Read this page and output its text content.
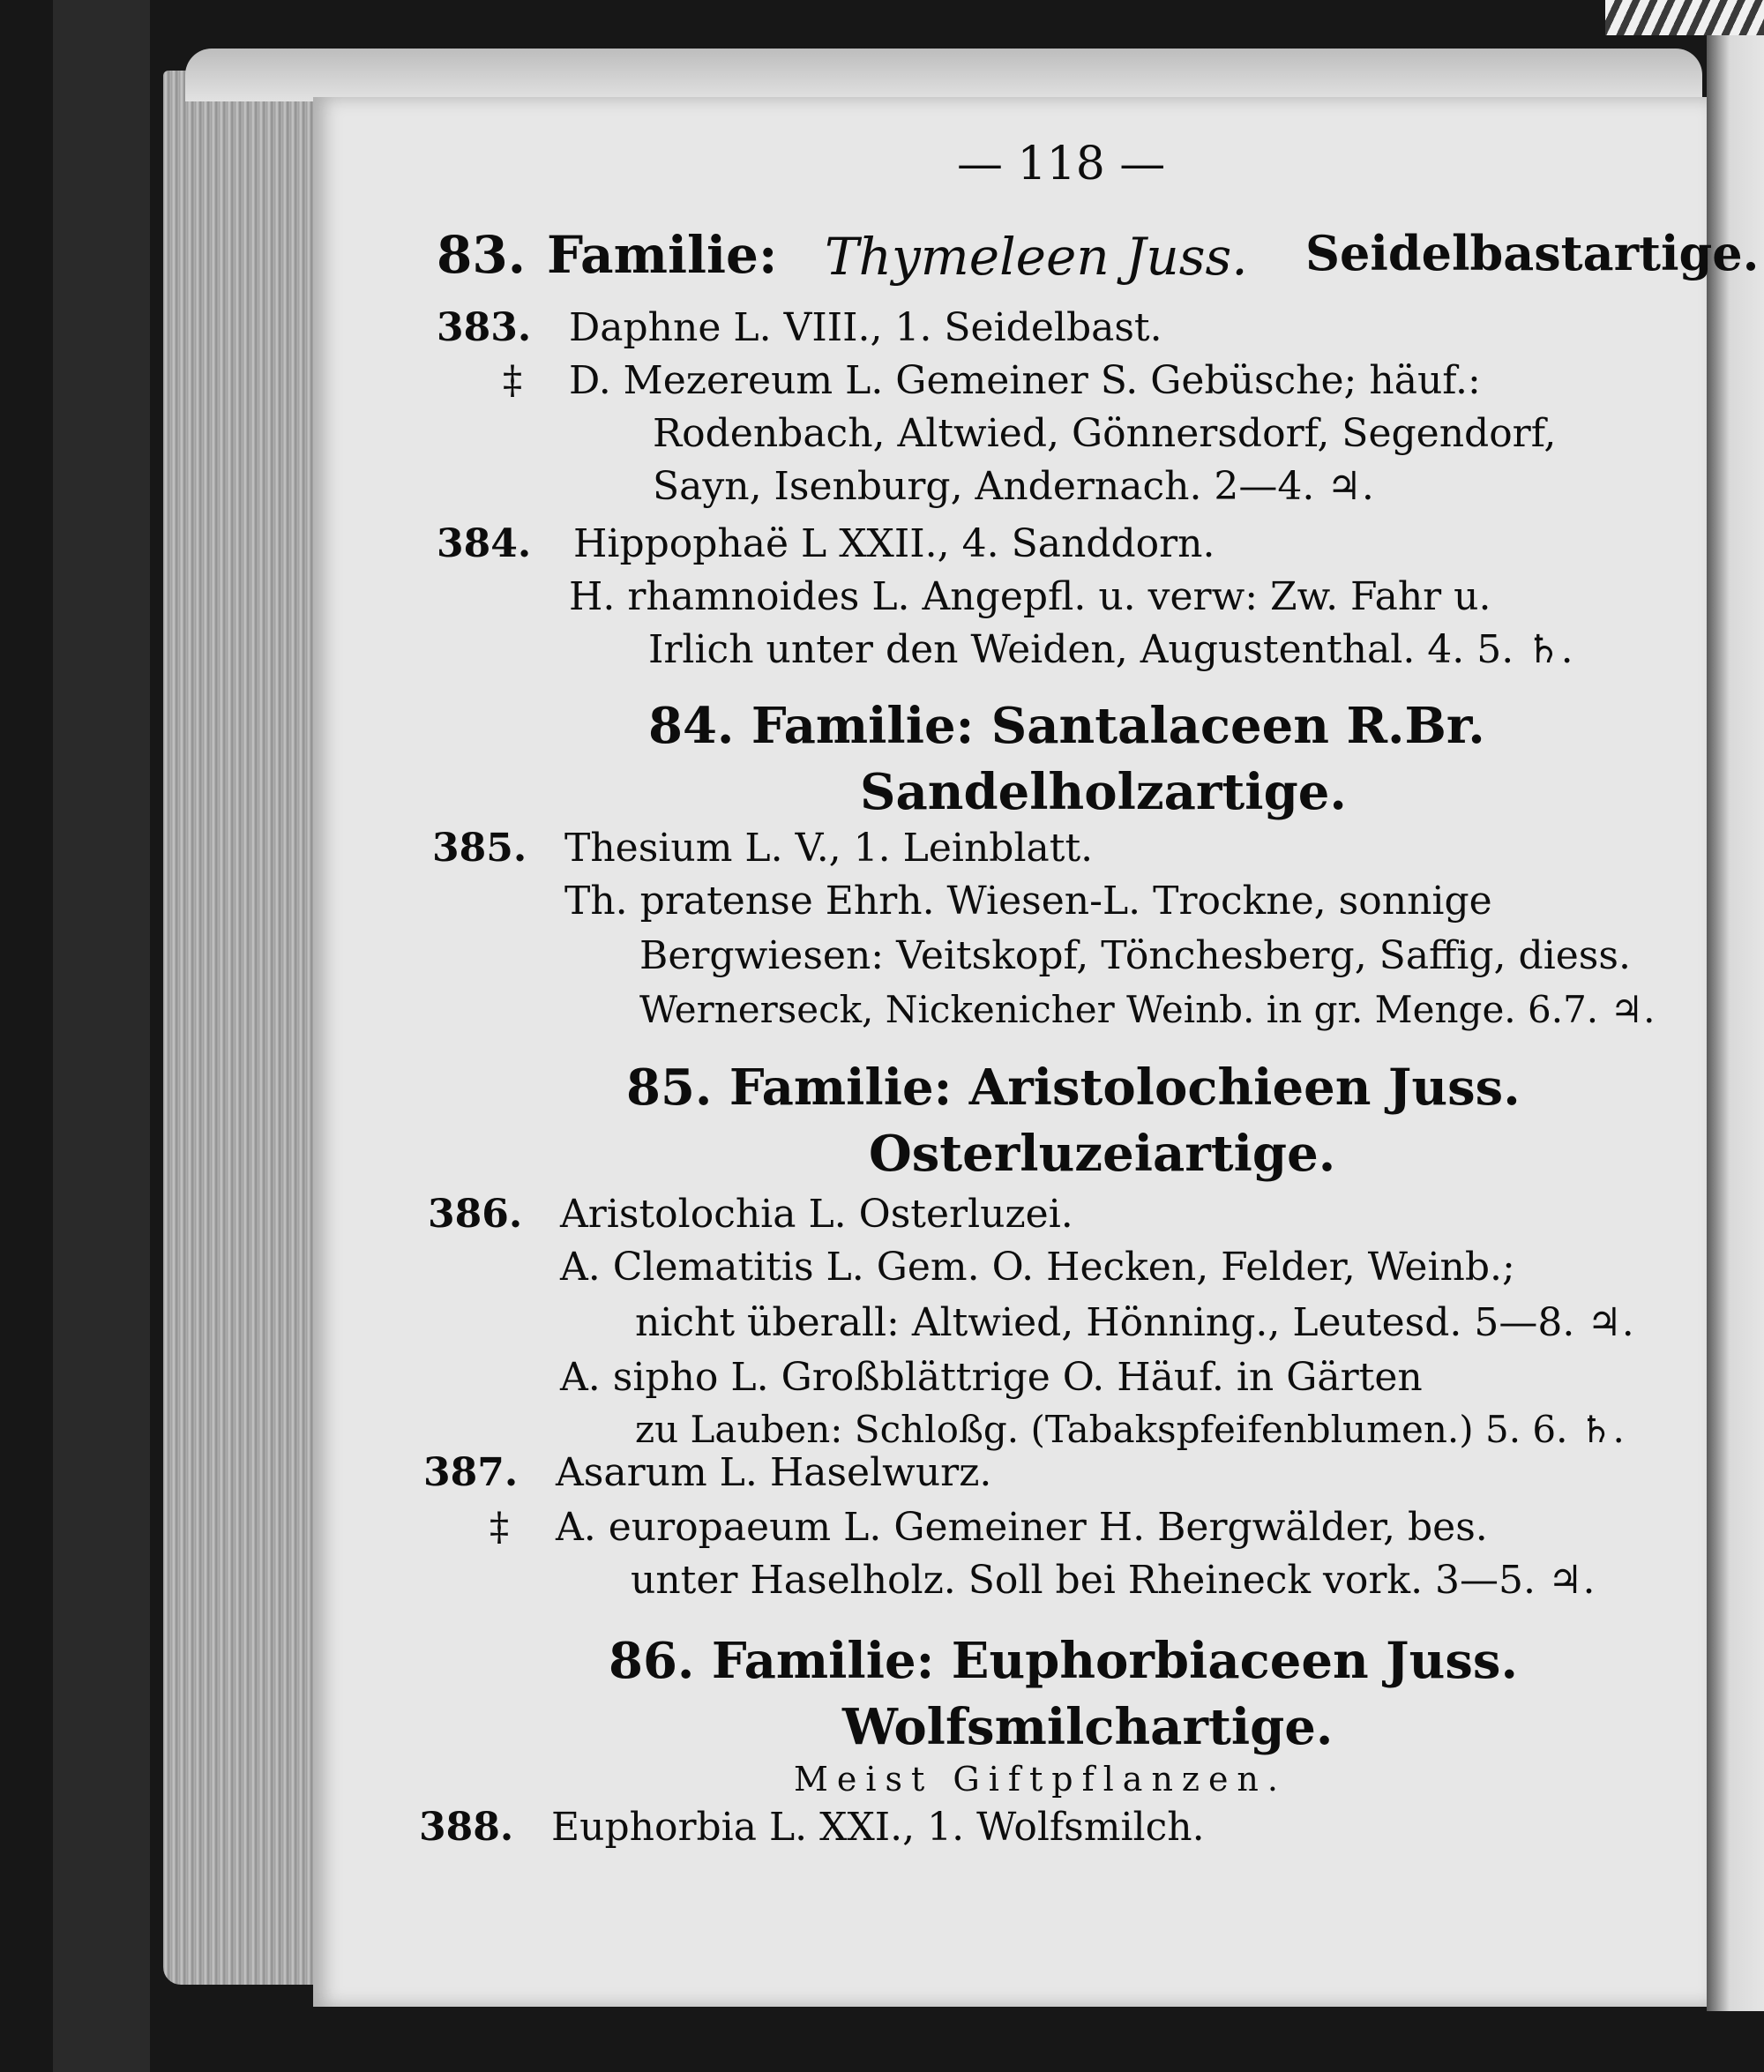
— 118 —
83. Familie: Thymeleen Juss. Seidelbastartige.
383. Daphne L. VIII., 1. Seidelbast.
‡ D. Mezereum L. Gemeiner S. Gebüsche; häuf.:
Rodenbach, Altwied, Gönnersdorf, Segendorf,
Sayn, Isenburg, Andernach. 2—4. ♃.
384. Hippophaë L XXII., 4. Sanddorn.
H. rhamnoides L. Angepfl. u. verw: Zw. Fahr u.
Irlich unter den Weiden, Augustenthal. 4. 5. ♄.
84. Familie: Santalaceen R.Br.
Sandelholzartige.
385. Thesium L. V., 1. Leinblatt.
Th. pratense Ehrh. Wiesen-L. Trockne, sonnige
Bergwiesen: Veitskopf, Tönchesberg, Saffig, diess.
Wernerseck, Nickenicher Weinb. in gr. Menge. 6.7. ♃.
85. Familie: Aristolochieen Juss.
Osterluzeiartige.
386. Aristolochia L. Osterluzei.
A. Clematitis L. Gem. O. Hecken, Felder, Weinb.;
nicht überall: Altwied, Hönning., Leutesd. 5—8. ♃.
A. sipho L. Großblättrige O. Häuf. in Gärten
zu Lauben: Schloßg. (Tabakspfeifenblumen.) 5. 6. ♄.
387. Asarum L. Haselwurz.
‡ A. europaeum L. Gemeiner H. Bergwälder, bes.
unter Haselholz. Soll bei Rheineck vork. 3—5. ♃.
86. Familie: Euphorbiaceen Juss.
Wolfsmilchartige.
Meist Giftpflanzen.
388. Euphorbia L. XXI., 1. Wolfsmilch.
